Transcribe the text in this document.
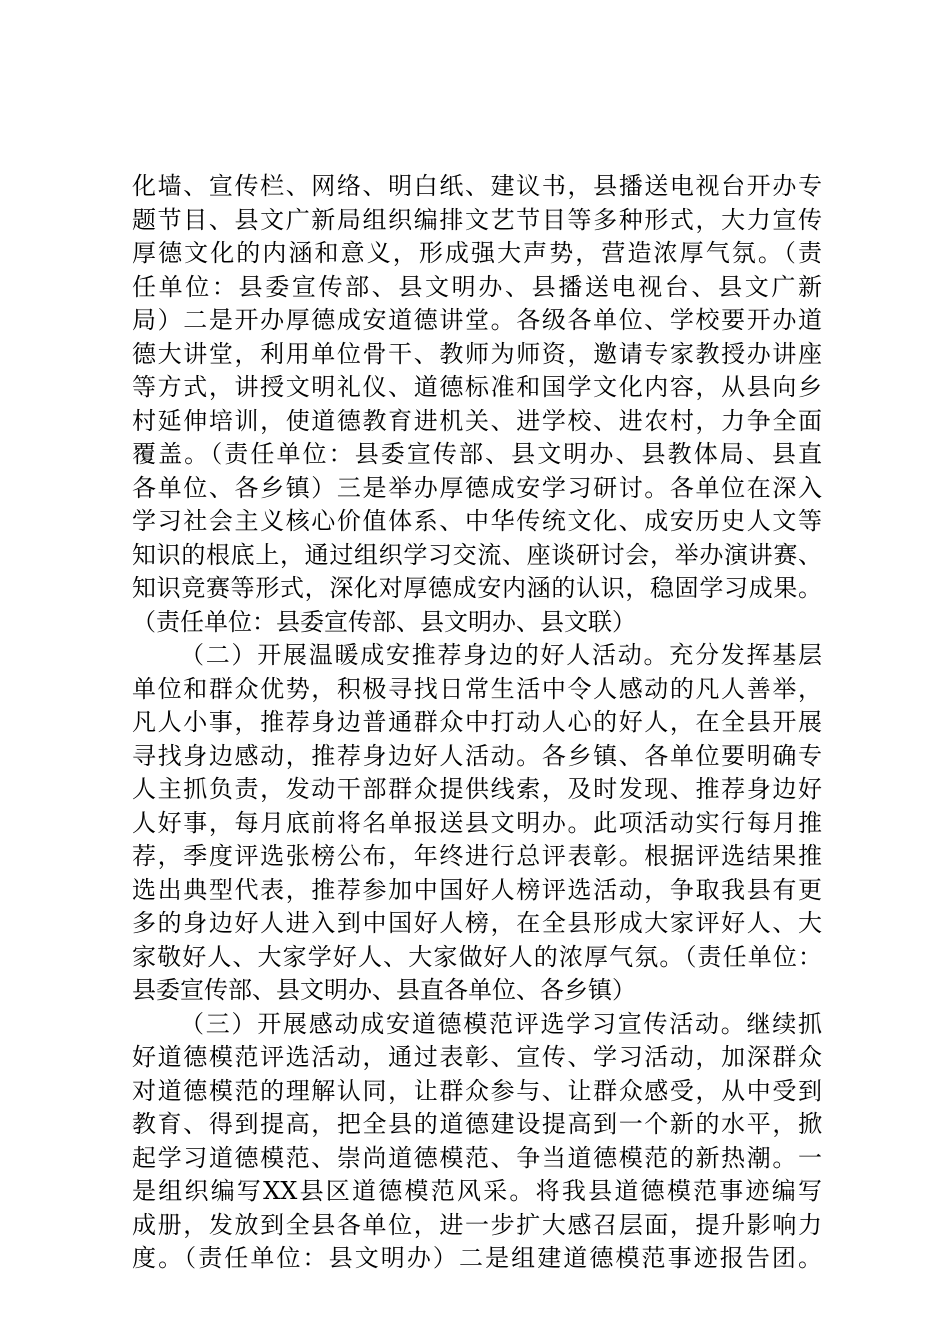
化墙、宣传栏、网络、明白纸、建议书，县播送电视台开办专
题节目、县文广新局组织编排文艺节目等多种形式，大力宣传
厚德文化的内涵和意义，形成强大声势，营造浓厚气氛。（责
任单位：县委宣传部、县文明办、县播送电视台、县文广新
局）二是开办厚德成安道德讲堂。各级各单位、学校要开办道
德大讲堂，利用单位骨干、教师为师资，邀请专家教授办讲座
等方式，讲授文明礼仪、道德标准和国学文化内容，从县向乡
村延伸培训，使道德教育进机关、进学校、进农村，力争全面
覆盖。（责任单位：县委宣传部、县文明办、县教体局、县直
各单位、各乡镇）三是举办厚德成安学习研讨。各单位在深入
学习社会主义核心价值体系、中华传统文化、成安历史人文等
知识的根底上，通过组织学习交流、座谈研讨会，举办演讲赛、
知识竞赛等形式，深化对厚德成安内涵的认识，稳固学习成果。
（责任单位：县委宣传部、县文明办、县文联）
（二）开展温暖成安推荐身边的好人活动。充分发挥基层
单位和群众优势，积极寻找日常生活中令人感动的凡人善举，
凡人小事，推荐身边普通群众中打动人心的好人，在全县开展
寻找身边感动，推荐身边好人活动。各乡镇、各单位要明确专
人主抓负责，发动干部群众提供线索，及时发现、推荐身边好
人好事，每月底前将名单报送县文明办。此项活动实行每月推
荐，季度评选张榜公布，年终进行总评表彰。根据评选结果推
选出典型代表，推荐参加中国好人榜评选活动，争取我县有更
多的身边好人进入到中国好人榜，在全县形成大家评好人、大
家敬好人、大家学好人、大家做好人的浓厚气氛。（责任单位：
县委宣传部、县文明办、县直各单位、各乡镇）
（三）开展感动成安道德模范评选学习宣传活动。继续抓
好道德模范评选活动，通过表彰、宣传、学习活动，加深群众
对道德模范的理解认同，让群众参与、让群众感受，从中受到
教育、得到提高，把全县的道德建设提高到一个新的水平，掀
起学习道德模范、崇尚道德模范、争当道德模范的新热潮。一
是组织编写XX县区道德模范风采。将我县道德模范事迹编写
成册，发放到全县各单位，进一步扩大感召层面，提升影响力
度。（责任单位：县文明办）二是组建道德模范事迹报告团。
